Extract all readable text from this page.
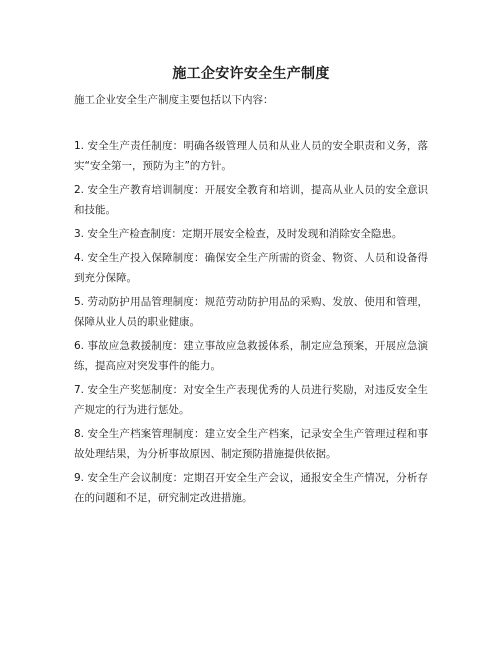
施工企安许安全生产制度

施工企业安全生产制度主要包括以下内容：

1. 安全生产责任制度：明确各级管理人员和从业人员的安全职责和义务，落实“安全第一，预防为主”的方针。
2. 安全生产教育培训制度：开展安全教育和培训，提高从业人员的安全意识和技能。
3. 安全生产检查制度：定期开展安全检查，及时发现和消除安全隐患。
4. 安全生产投入保障制度：确保安全生产所需的资金、物资、人员和设备得到充分保障。
5. 劳动防护用品管理制度：规范劳动防护用品的采购、发放、使用和管理，保障从业人员的职业健康。
6. 事故应急救援制度：建立事故应急救援体系，制定应急预案，开展应急演练，提高应对突发事件的能力。
7. 安全生产奖惩制度：对安全生产表现优秀的人员进行奖励，对违反安全生产规定的行为进行惩处。
8. 安全生产档案管理制度：建立安全生产档案，记录安全生产管理过程和事故处理结果，为分析事故原因、制定预防措施提供依据。
9. 安全生产会议制度：定期召开安全生产会议，通报安全生产情况，分析存在的问题和不足，研究制定改进措施。
